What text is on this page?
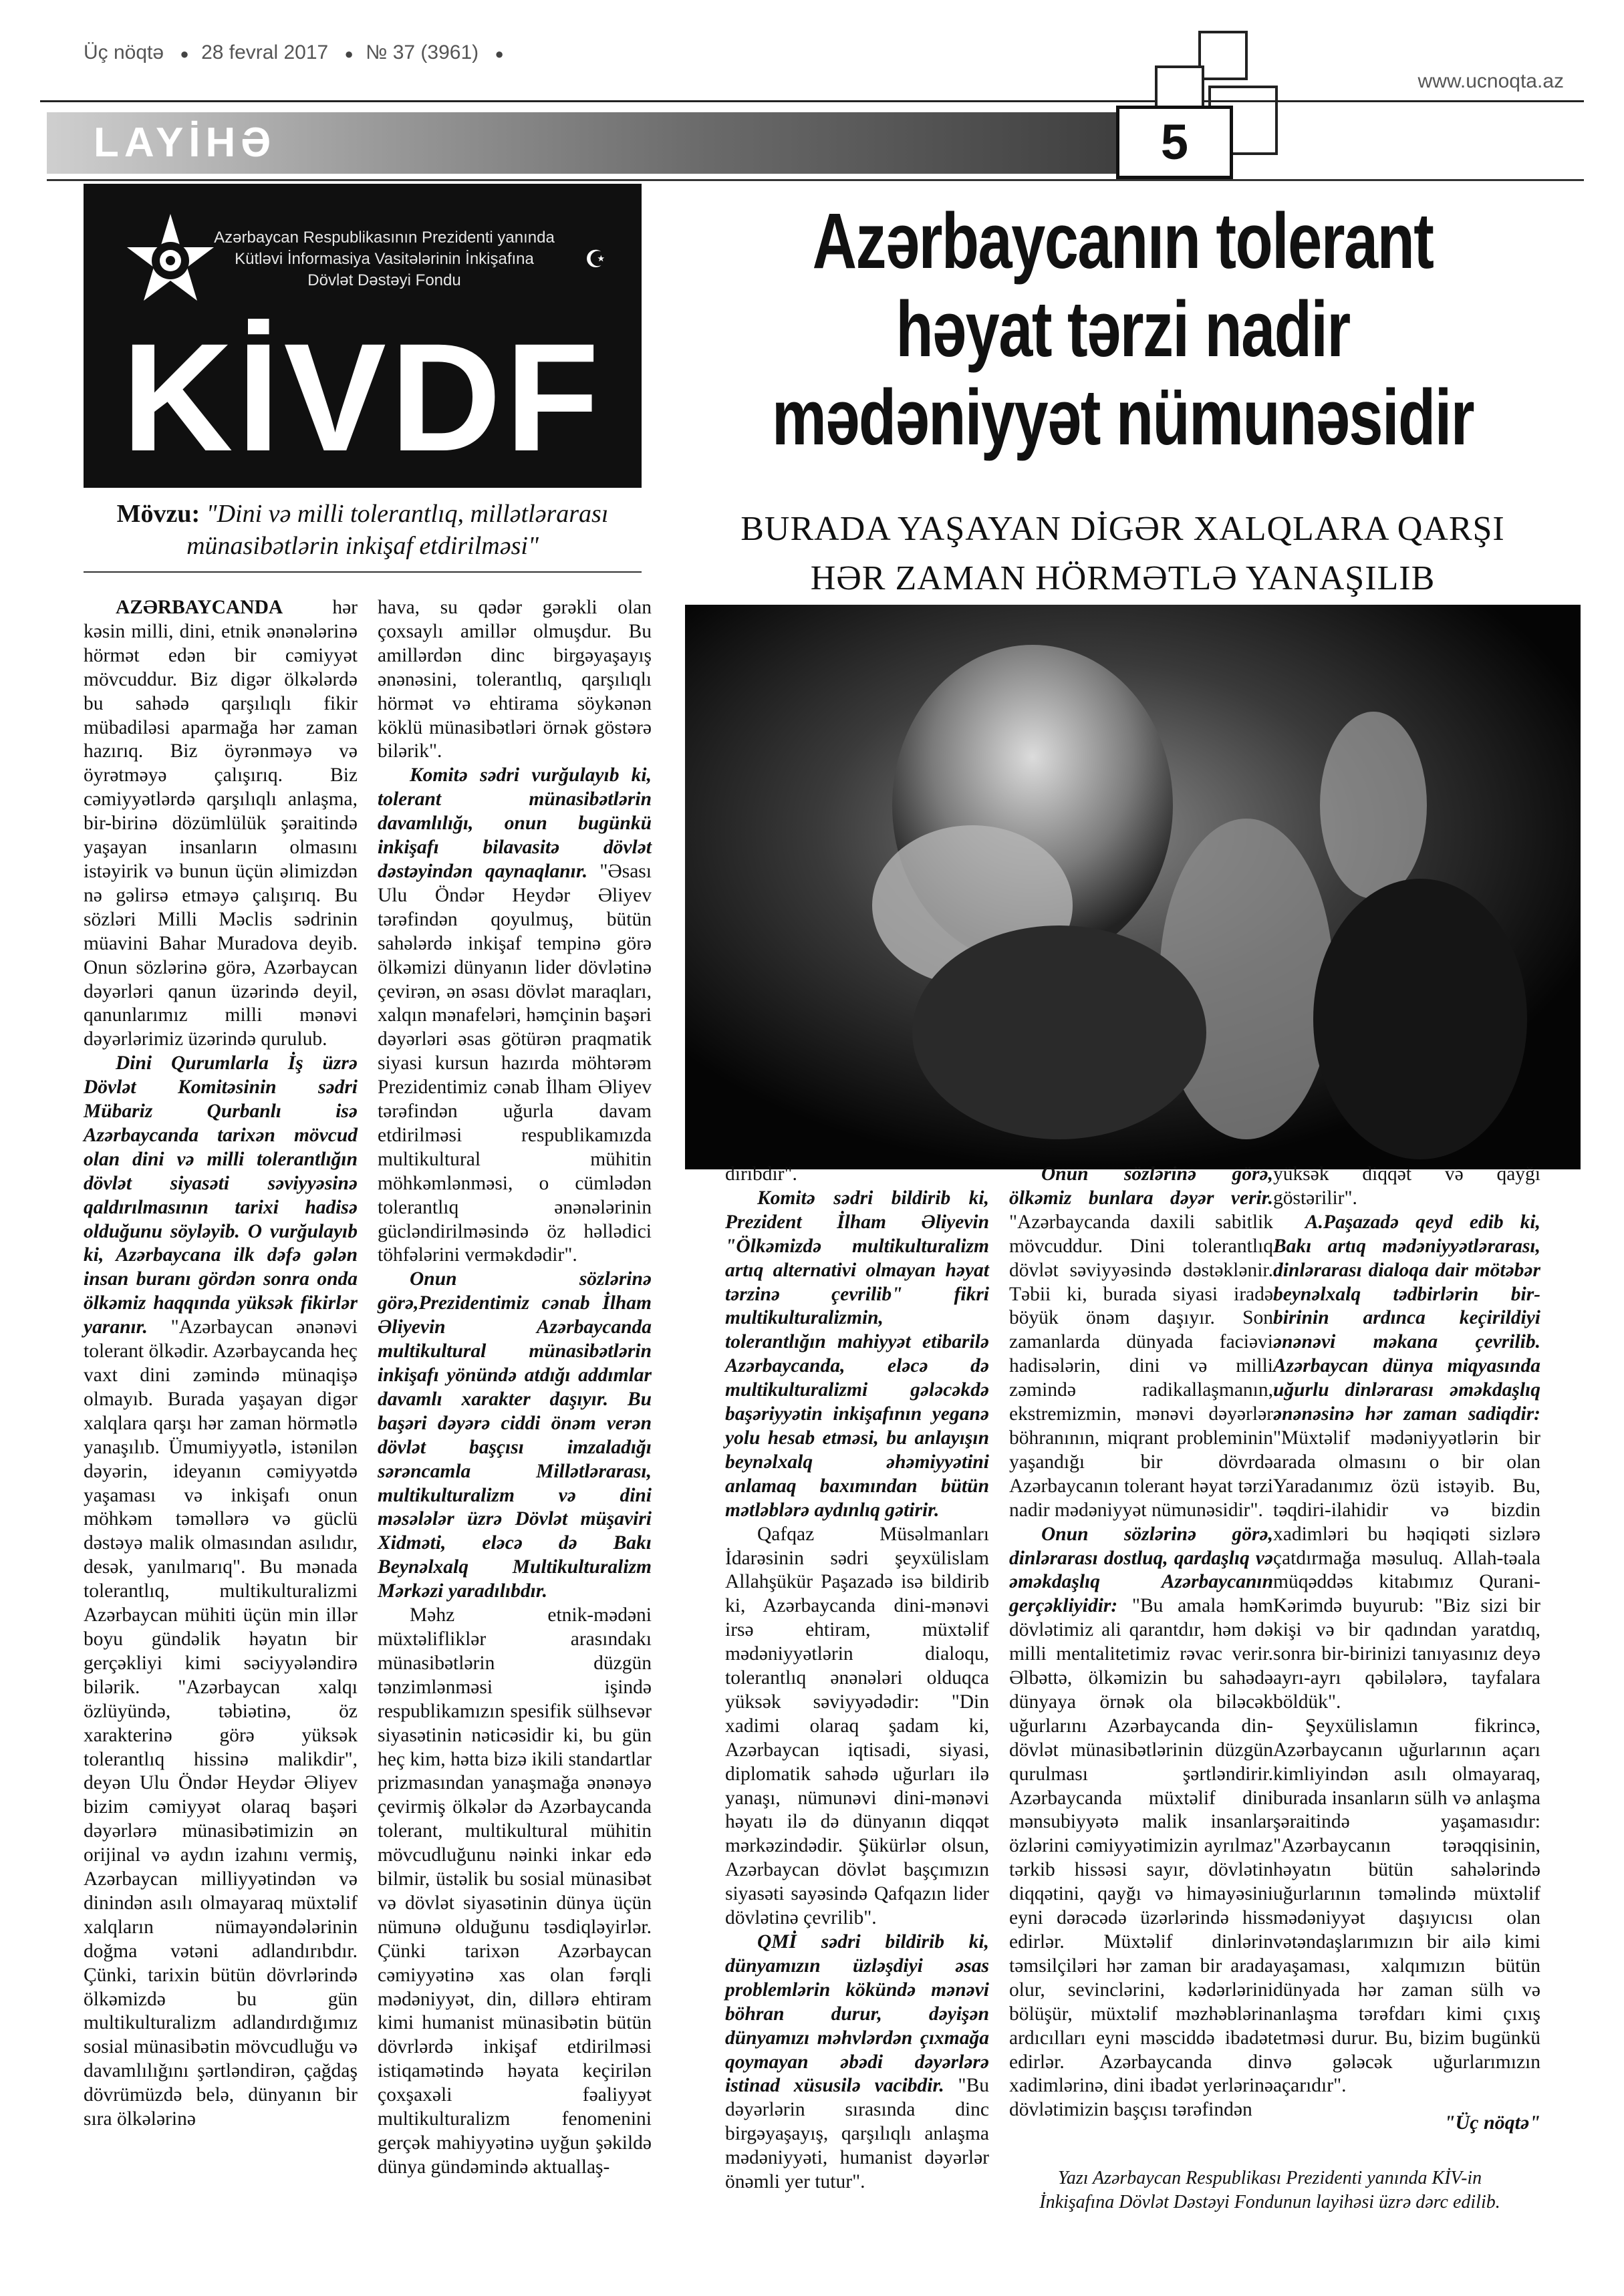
Üç nöqtə ● 28 fevral 2017 ● № 37 (3961) ●
www.ucnoqta.az
LAYİHƏ	5
Azərbaycan Respublikasının Prezidenti yanında
Kütləvi İnformasiya Vasitələrinin İnkişafına
Dövlət Dəstəyi Fondu
☪
KİVDF
Mövzu: "Dini və milli tolerantlıq, millətlərarası münasibətlərin inkişaf etdirilməsi"
Azərbaycanın tolerant həyat tərzi nadir mədəniyyət nümunəsidir
BURADA YAŞAYAN DİGƏR XALQLARA QARŞI
HƏR ZAMAN HÖRMƏTLƏ YANAŞILIB

AZƏRBAYCANDA hər kəsin milli, dini, etnik ənənələrinə hörmət edən bir cəmiyyət mövcuddur. Biz digər ölkələrdə bu sahədə qarşılıqlı fikir mübadiləsi aparmağa hər zaman hazırıq. Biz öyrənməyə və öyrətməyə çalışırıq. Biz cəmiyyətlərdə qarşılıqlı anlaşma, bir-birinə dözümlülük şəraitində yaşayan insanların olmasını istəyirik və bunun üçün əlimizdən nə gəlirsə etməyə çalışırıq. Bu sözləri Milli Məclis sədrinin müavini Bahar Muradova deyib. Onun sözlərinə görə, Azərbaycan dəyərləri qanun üzərində deyil, qanunlarımız milli mənəvi dəyərlərimiz üzərində qurulub.

Dini Qurumlarla İş üzrə Dövlət Komitəsinin sədri Mübariz Qurbanlı isə Azərbaycanda tarixən mövcud olan dini və milli tolerantlığın dövlət siyasəti səviyyəsinə qaldırılmasının tarixi hadisə olduğunu söyləyib. O vurğulayıb ki, Azərbaycana ilk dəfə gələn insan buranı gördən sonra onda ölkəmiz haqqında yüksək fikirlər yaranır. "Azərbaycan ənənəvi tolerant ölkədir. Azərbaycanda heç vaxt dini zəmində münaqişə olmayıb. Burada yaşayan digər xalqlara qarşı hər zaman hörmətlə yanaşılıb. Ümumiyyətlə, istənilən dəyərin, ideyanın cəmiyyətdə yaşaması və inkişafı onun möhkəm təməllərə və güclü dəstəyə malik olmasından asılıdır, desək, yanılmarıq". Bu mənada tolerantlıq, multikulturalizmi Azərbaycan mühiti üçün min illər boyu gündəlik həyatın bir gerçəkliyi kimi səciyyələndirə bilərik. "Azərbaycan xalqı özlüyündə, təbiətinə, öz xarakterinə görə yüksək tolerantlıq hissinə malikdir", deyən Ulu Öndər Heydər Əliyev bizim cəmiyyət olaraq başəri dəyərlərə münasibətimizin ən orijinal və aydın izahını vermiş, Azərbaycan milliyyətindən və dinindən asılı olmayaraq müxtəlif xalqların nümayəndələrinin doğma vətəni adlandırıbdır. Çünki, tarixin bütün dövrlərində ölkəmizdə bu gün multikulturalizm adlandırdığımız sosial münasibətin mövcudluğu və davamlılığını şərtləndirən, çağdaş dövrümüzdə belə, dünyanın bir sıra ölkələrinə

hava, su qədər gərəkli olan çoxsaylı amillər olmuşdur. Bu amillərdən dinc birgəyaşayış ənənəsini, tolerantlıq, qarşılıqlı hörmət və ehtirama söykənən köklü münasibətləri örnək göstərə bilərik".

Komitə sədri vurğulayıb ki, tolerant münasibətlərin davamlılığı, onun bugünkü inkişafı bilavasitə dövlət dəstəyindən qaynaqlanır. "Əsası Ulu Öndər Heydər Əliyev tərəfindən qoyulmuş, bütün sahələrdə inkişaf tempinə görə ölkəmizi dünyanın lider dövlətinə çevirən, ən əsası dövlət maraqları, xalqın mənafeləri, həmçinin başəri dəyərləri əsas götürən praqmatik siyasi kursun hazırda möhtərəm Prezidentimiz cənab İlham Əliyev tərəfindən uğurla davam etdirilməsi respublikamızda multikultural mühitin möhkəmlənməsi, o cümlədən tolerantlıq ənənələrinin gücləndirilməsində öz həllədici töhfələrini verməkdədir".

Onun sözlərinə görə,Prezidentimiz cənab İlham Əliyevin Azərbaycanda multikultural münasibətlərin inkişafı yönündə atdığı addımlar davamlı xarakter daşıyır. Bu başəri dəyərə ciddi önəm verən dövlət başçısı imzaladığı sərəncamla Millətlərarası, multikulturalizm və dini məsələlər üzrə Dövlət müşaviri Xidməti, eləcə də Bakı Beynəlxalq Multikulturalizm Mərkəzi yaradılıbdır.

Məhz etnik-mədəni müxtəlifliklər arasındakı münasibətlərin düzgün tənzimlənməsi işində respublikamızın spesifik sülhsevər siyasətinin nəticəsidir ki, bu gün heç kim, hətta bizə ikili standartlar prizmasından yanaşmağa ənənəyə çevirmiş ölkələr də Azərbaycanda tolerant, multikultural mühitin mövcudluğunu nəinki inkar edə bilmir, üstəlik bu sosial münasibət və dövlət siyasətinin dünya üçün nümunə olduğunu təsdiqləyirlər. Çünki tarixən Azərbaycan cəmiyyətinə xas olan fərqli mədəniyyət, din, dillərə ehtiram kimi humanist münasibətin bütün dövrlərdə inkişaf etdirilməsi istiqamətində həyata keçirilən çoxşaxəli fəaliyyət multikulturalizm fenomenini gerçək mahiyyətinə uyğun şəkildə dünya gündəmində aktuallaş-

dırıbdır".

Komitə sədri bildirib ki, Prezident İlham Əliyevin "Ölkəmizdə multikulturalizm artıq alternativi olmayan həyat tərzinə çevrilib" fikri multikulturalizmin, tolerantlığın mahiyyət etibarilə Azərbaycanda, eləcə də multikulturalizmi gələcəkdə başəriyyətin inkişafının yeganə yolu hesab etməsi, bu anlayışın beynəlxalq əhəmiyyətini anlamaq baxımından bütün mətləblərə aydınlıq gətirir.

Qafqaz Müsəlmanları İdarəsinin sədri şeyxülislam Allahşükür Paşazadə isə bildirib ki, Azərbaycanda dini-mənəvi irsə ehtiram, müxtəlif mədəniyyətlərin dialoqu, tolerantlıq ənənələri olduqca yüksək səviyyədədir: "Din xadimi olaraq şadam ki, Azərbaycan iqtisadi, siyasi, diplomatik sahədə uğurları ilə yanaşı, nümunəvi dini-mənəvi həyatı ilə də dünyanın diqqət mərkəzindədir. Şükürlər olsun, Azərbaycan dövlət başçımızın siyasəti sayəsində Qafqazın lider dövlətinə çevrilib".

QMİ sədri bildirib ki, dünyamızın üzləşdiyi əsas problemlərin kökündə mənəvi böhran durur, dəyişən dünyamızı məhvlərdən çıxmağa qoymayan əbədi dəyərlərə istinad xüsusilə vacibdir. "Bu dəyərlərin sırasında dinc birgəyaşayış, qarşılıqlı anlaşma mədəniyyəti, humanist dəyərlər önəmli yer tutur".

Onun sözlərinə görə, ölkəmiz bunlara dəyər verir. "Azərbaycanda daxili sabitlik mövcuddur. Dini tolerantlıq dövlət səviyyəsində dəstəklənir. Təbii ki, burada siyasi iradə böyük önəm daşıyır. Son zamanlarda dünyada faciəvi hadisələrin, dini və milli zəmində radikallaşmanın, ekstremizmin, mənəvi dəyərlər böhranının, miqrant probleminin yaşandığı bir dövrdə Azərbaycanın tolerant həyat tərzi nadir mədəniyyət nümunəsidir".

Onun sözlərinə görə, dinlərarası dostluq, qardaşlıq və əməkdaşlıq Azərbaycanın gerçəkliyidir: "Bu amala həm dövlətimiz ali qarantdır, həm də milli mentalitetimiz rəvac verir. Əlbəttə, ölkəmizin bu sahədə dünyaya örnək ola biləcək uğurlarını Azərbaycanda din-dövlət münasibətlərinin düzgün qurulması şərtləndirir. Azərbaycanda müxtəlif dini mənsubiyyətə malik insanlar özlərini cəmiyyətimizin ayrılmaz tərkib hissəsi sayır, dövlətin diqqətini, qayğı və himayəsini eyni dərəcədə üzərlərində hiss edirlər. Müxtəlif dinlərin təmsilçiləri hər zaman bir arada olur, sevinclərini, kədərlərini bölüşür, müxtəlif məzhəblərin ardıcılları eyni məsciddə ibadət edirlər. Azərbaycanda din xadimlərinə, dini ibadət yerlərinə dövlətimizin başçısı tərəfindən

yüksək diqqət və qayğı göstərilir".

A.Paşazadə qeyd edib ki, Bakı artıq mədəniyyətlərarası, dinlərarası dialoqa dair mötəbər beynəlxalq tədbirlərin bir-birinin ardınca keçirildiyi ənənəvi məkana çevrilib. Azərbaycan dünya miqyasında uğurlu dinlərarası əməkdaşlıq ənənəsinə hər zaman sadiqdir: "Müxtəlif mədəniyyətlərin bir arada olmasını o bir olan Yaradanımız özü istəyib. Bu, təqdiri-ilahidir və bizdin xadimləri bu həqiqəti sizlərə çatdırmağa məsuluq. Allah-təala müqəddəs kitabımız Qurani-Kərimdə buyurub: "Biz sizi bir kişi və bir qadından yaratdıq, sonra bir-birinizi tanıyasınız deyə ayrı-ayrı qəbilələrə, tayfalara böldük".

Şeyxülislamın fikrincə, Azərbaycanın uğurlarının açarı kimliyindən asılı olmayaraq, burada insanların sülh və anlaşma şəraitində yaşamasıdır: "Azərbaycanın tərəqqisinin, həyatın bütün sahələrində uğurlarının təməlində müxtəlif mədəniyyət daşıyıcısı olan vətəndaşlarımızın bir ailə kimi yaşaması, xalqımızın bütün dünyada hər zaman sülh və anlaşma tərəfdarı kimi çıxış etməsi durur. Bu, bizim bugünkü və gələcək uğurlarımızın açarıdır".

"Üç nöqtə"
Yazı Azərbaycan Respublikası Prezidenti yanında KİV-in
İnkişafına Dövlət Dəstəyi Fondunun layihəsi üzrə dərc edilib.
